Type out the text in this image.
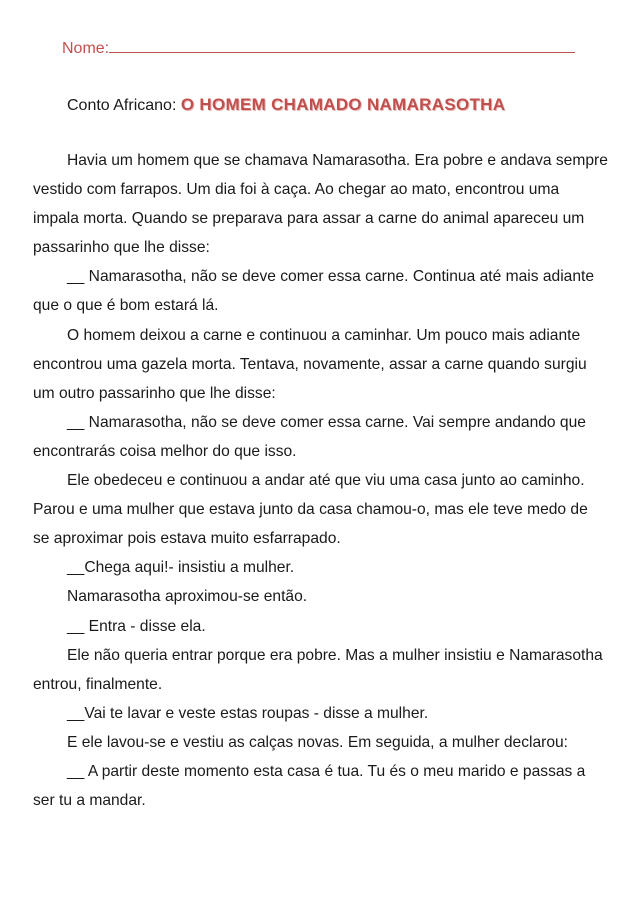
Nome:
Conto Africano: O HOMEM CHAMADO NAMARASOTHA

Havia um homem que se chamava Namarasotha. Era pobre e andava sempre vestido com farrapos. Um dia foi à caça. Ao chegar ao mato, encontrou uma impala morta. Quando se preparava para assar a carne do animal apareceu um passarinho que lhe disse:

__ Namarasotha, não se deve comer essa carne. Continua até mais adiante que o que é bom estará lá.

O homem deixou a carne e continuou a caminhar. Um pouco mais adiante encontrou uma gazela morta. Tentava, novamente, assar a carne quando surgiu um outro passarinho que lhe disse:

__ Namarasotha, não se deve comer essa carne. Vai sempre andando que encontrarás coisa melhor do que isso.

Ele obedeceu e continuou a andar até que viu uma casa junto ao caminho. Parou e uma mulher que estava junto da casa chamou-o, mas ele teve medo de se aproximar pois estava muito esfarrapado.

__Chega aqui!- insistiu a mulher.

Namarasotha aproximou-se então.

__ Entra - disse ela.

Ele não queria entrar porque era pobre. Mas a mulher insistiu e Namarasotha entrou, finalmente.

__Vai te lavar e veste estas roupas - disse a mulher.

E ele lavou-se e vestiu as calças novas. Em seguida, a mulher declarou:

__ A partir deste momento esta casa é tua. Tu és o meu marido e passas a ser tu a mandar.
